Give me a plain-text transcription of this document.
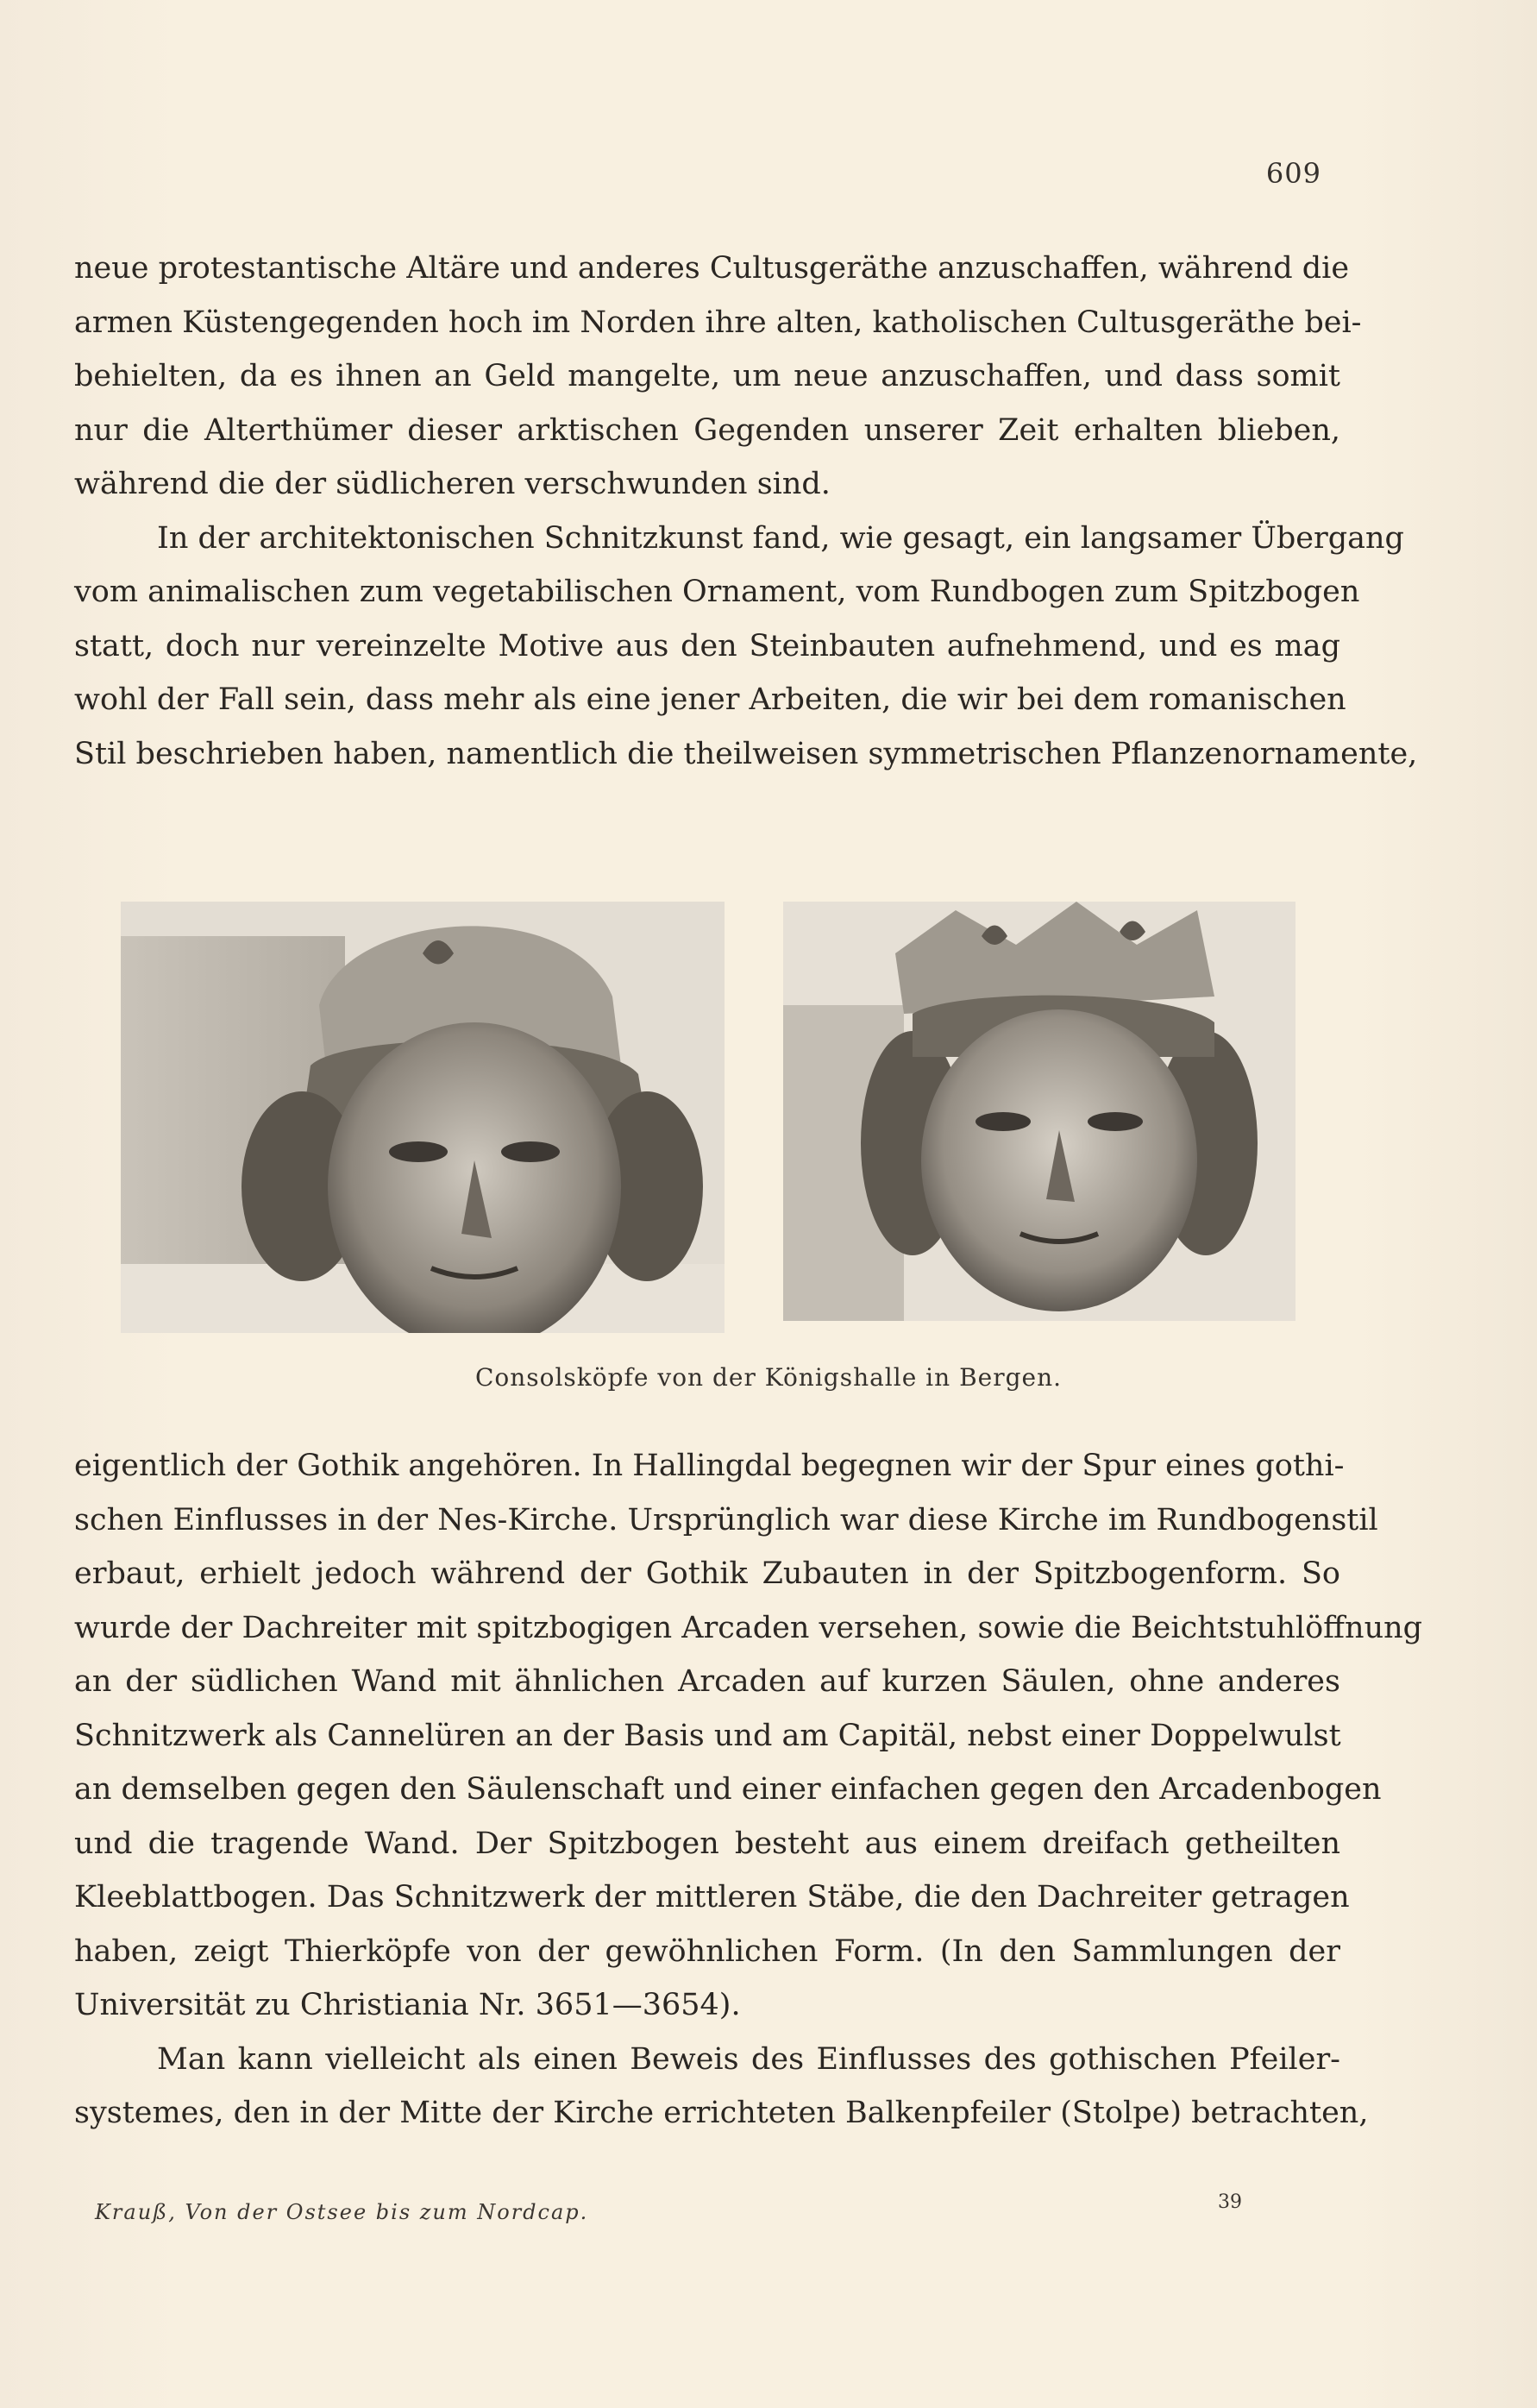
609
neue protestantische Altäre und anderes Cultusgeräthe anzuschaffen, während die
armen Küstengegenden hoch im Norden ihre alten, katholischen Cultusgeräthe bei-
behielten, da es ihnen an Geld mangelte, um neue anzuschaffen, und dass somit
nur die Alterthümer dieser arktischen Gegenden unserer Zeit erhalten blieben,
während die der südlicheren verschwunden sind.
In der architektonischen Schnitzkunst fand, wie gesagt, ein langsamer Übergang
vom animalischen zum vegetabilischen Ornament, vom Rundbogen zum Spitzbogen
statt, doch nur vereinzelte Motive aus den Steinbauten aufnehmend, und es mag
wohl der Fall sein, dass mehr als eine jener Arbeiten, die wir bei dem romanischen
Stil beschrieben haben, namentlich die theilweisen symmetrischen Pflanzenornamente,
Consolsköpfe von der Königshalle in Bergen.
eigentlich der Gothik angehören. In Hallingdal begegnen wir der Spur eines gothi-
schen Einflusses in der Nes-Kirche. Ursprünglich war diese Kirche im Rundbogenstil
erbaut, erhielt jedoch während der Gothik Zubauten in der Spitzbogenform. So
wurde der Dachreiter mit spitzbogigen Arcaden versehen, sowie die Beichtstuhlöffnung
an der südlichen Wand mit ähnlichen Arcaden auf kurzen Säulen, ohne anderes
Schnitzwerk als Cannelüren an der Basis und am Capitäl, nebst einer Doppelwulst
an demselben gegen den Säulenschaft und einer einfachen gegen den Arcadenbogen
und die tragende Wand. Der Spitzbogen besteht aus einem dreifach getheilten
Kleeblattbogen. Das Schnitzwerk der mittleren Stäbe, die den Dachreiter getragen
haben, zeigt Thierköpfe von der gewöhnlichen Form. (In den Sammlungen der
Universität zu Christiania Nr. 3651—3654).
Man kann vielleicht als einen Beweis des Einflusses des gothischen Pfeiler-
systemes, den in der Mitte der Kirche errichteten Balkenpfeiler (Stolpe) betrachten,
Krauß, Von der Ostsee bis zum Nordcap.	39
